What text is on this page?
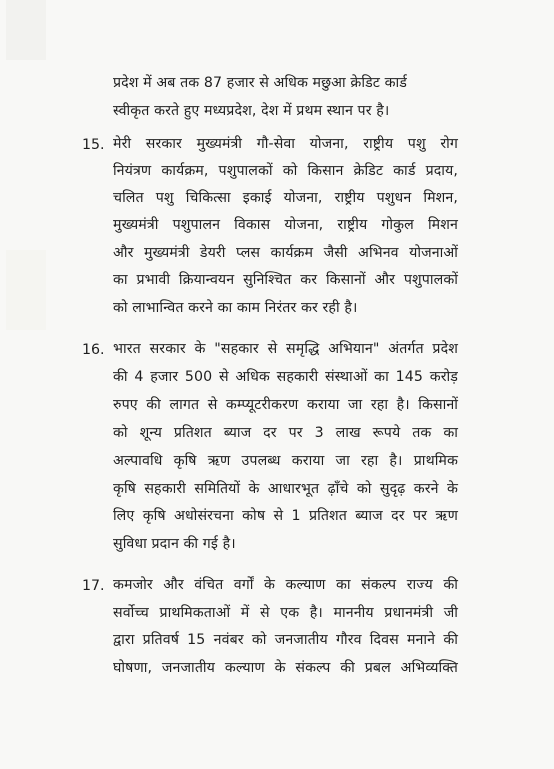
प्रदेश में अब तक 87 हजार से अधिक मछुआ क्रेडिट कार्ड
स्वीकृत करते हुए मध्यप्रदेश, देश में प्रथम स्थान पर है।
15. मेरी सरकार मुख्यमंत्री गौ-सेवा योजना, राष्ट्रीय पशु रोग
नियंत्रण कार्यक्रम, पशुपालकों को किसान क्रेडिट कार्ड प्रदाय,
चलित पशु चिकित्सा इकाई योजना, राष्ट्रीय पशुधन मिशन,
मुख्यमंत्री पशुपालन विकास योजना, राष्ट्रीय गोकुल मिशन
और मुख्यमंत्री डेयरी प्लस कार्यक्रम जैसी अभिनव योजनाओं
का प्रभावी क्रियान्वयन सुनिश्चित कर किसानों और पशुपालकों
को लाभान्वित करने का काम निरंतर कर रही है।
16. भारत सरकार के "सहकार से समृद्धि अभियान" अंतर्गत प्रदेश
की 4 हजार 500 से अधिक सहकारी संस्थाओं का 145 करोड़
रुपए की लागत से कम्प्यूटरीकरण कराया जा रहा है। किसानों
को शून्य प्रतिशत ब्याज दर पर 3 लाख रूपये तक का
अल्पावधि कृषि ऋण उपलब्ध कराया जा रहा है। प्राथमिक
कृषि सहकारी समितियों के आधारभूत ढ़ाँचे को सुदृढ़ करने के
लिए कृषि अधोसंरचना कोष से 1 प्रतिशत ब्याज दर पर ऋण
सुविधा प्रदान की गई है।
17. कमजोर और वंचित वर्गों के कल्याण का संकल्प राज्य की
सर्वोच्च प्राथमिकताओं में से एक है। माननीय प्रधानमंत्री जी
द्वारा प्रतिवर्ष 15 नवंबर को जनजातीय गौरव दिवस मनाने की
घोषणा, जनजातीय कल्याण के संकल्प की प्रबल अभिव्यक्ति
